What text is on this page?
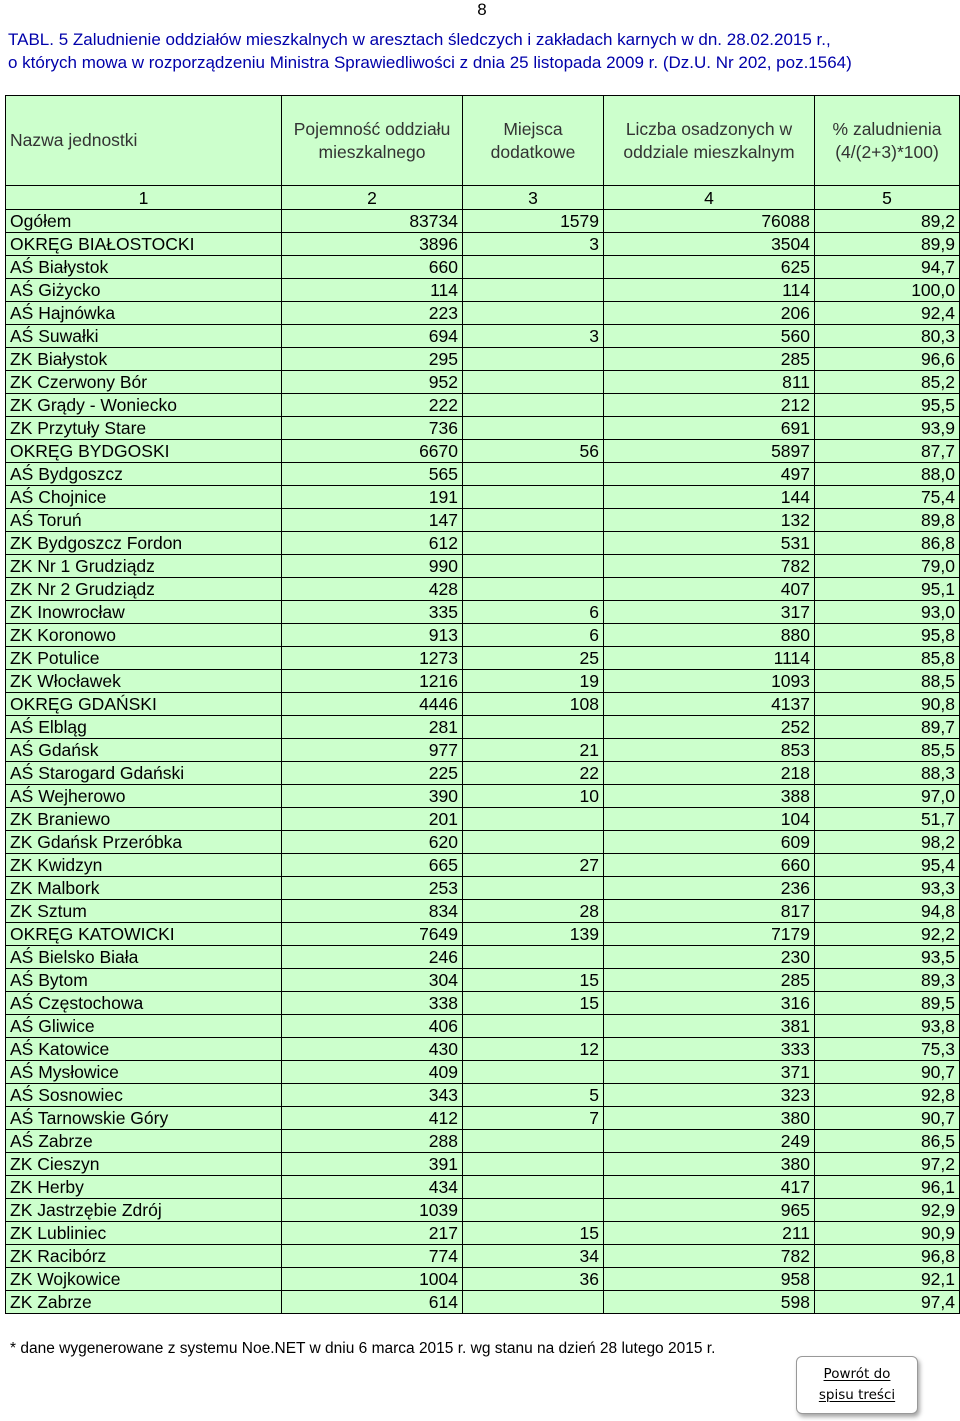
8
TABL. 5 Zaludnienie oddziałów mieszkalnych w aresztach śledczych i zakładach karnych w dn. 28.02.2015 r.,
o których mowa w rozporządzeniu Ministra Sprawiedliwości z dnia 25 listopada 2009 r. (Dz.U. Nr 202, poz.1564)
Nazwa jednostki	Pojemność oddziału mieszkalnego	Miejsca dodatkowe	Liczba osadzonych w oddziale mieszkalnym	% zaludnienia (4/(2+3)*100)
1	2	3	4	5
Ogółem	83734	1579	76088	89,2
OKRĘG BIAŁOSTOCKI	3896	3	3504	89,9
AŚ Białystok	660		625	94,7
AŚ Giżycko	114		114	100,0
AŚ Hajnówka	223		206	92,4
AŚ Suwałki	694	3	560	80,3
ZK Białystok	295		285	96,6
ZK Czerwony Bór	952		811	85,2
ZK Grądy - Woniecko	222		212	95,5
ZK Przytuły Stare	736		691	93,9
OKRĘG BYDGOSKI	6670	56	5897	87,7
AŚ Bydgoszcz	565		497	88,0
AŚ Chojnice	191		144	75,4
AŚ Toruń	147		132	89,8
ZK Bydgoszcz Fordon	612		531	86,8
ZK Nr 1 Grudziądz	990		782	79,0
ZK Nr 2 Grudziądz	428		407	95,1
ZK Inowrocław	335	6	317	93,0
ZK Koronowo	913	6	880	95,8
ZK Potulice	1273	25	1114	85,8
ZK Włocławek	1216	19	1093	88,5
OKRĘG GDAŃSKI	4446	108	4137	90,8
AŚ Elbląg	281		252	89,7
AŚ Gdańsk	977	21	853	85,5
AŚ Starogard Gdański	225	22	218	88,3
AŚ Wejherowo	390	10	388	97,0
ZK Braniewo	201		104	51,7
ZK Gdańsk Przeróbka	620		609	98,2
ZK Kwidzyn	665	27	660	95,4
ZK Malbork	253		236	93,3
ZK Sztum	834	28	817	94,8
OKRĘG KATOWICKI	7649	139	7179	92,2
AŚ Bielsko Biała	246		230	93,5
AŚ Bytom	304	15	285	89,3
AŚ Częstochowa	338	15	316	89,5
AŚ Gliwice	406		381	93,8
AŚ Katowice	430	12	333	75,3
AŚ Mysłowice	409		371	90,7
AŚ Sosnowiec	343	5	323	92,8
AŚ Tarnowskie Góry	412	7	380	90,7
AŚ Zabrze	288		249	86,5
ZK Cieszyn	391		380	97,2
ZK Herby	434		417	96,1
ZK Jastrzębie Zdrój	1039		965	92,9
ZK Lubliniec	217	15	211	90,9
ZK Racibórz	774	34	782	96,8
ZK Wojkowice	1004	36	958	92,1
ZK Zabrze	614		598	97,4
* dane wygenerowane z systemu Noe.NET w dniu 6 marca 2015 r. wg stanu na dzień 28 lutego 2015 r.
Powrót do
spisu treści
